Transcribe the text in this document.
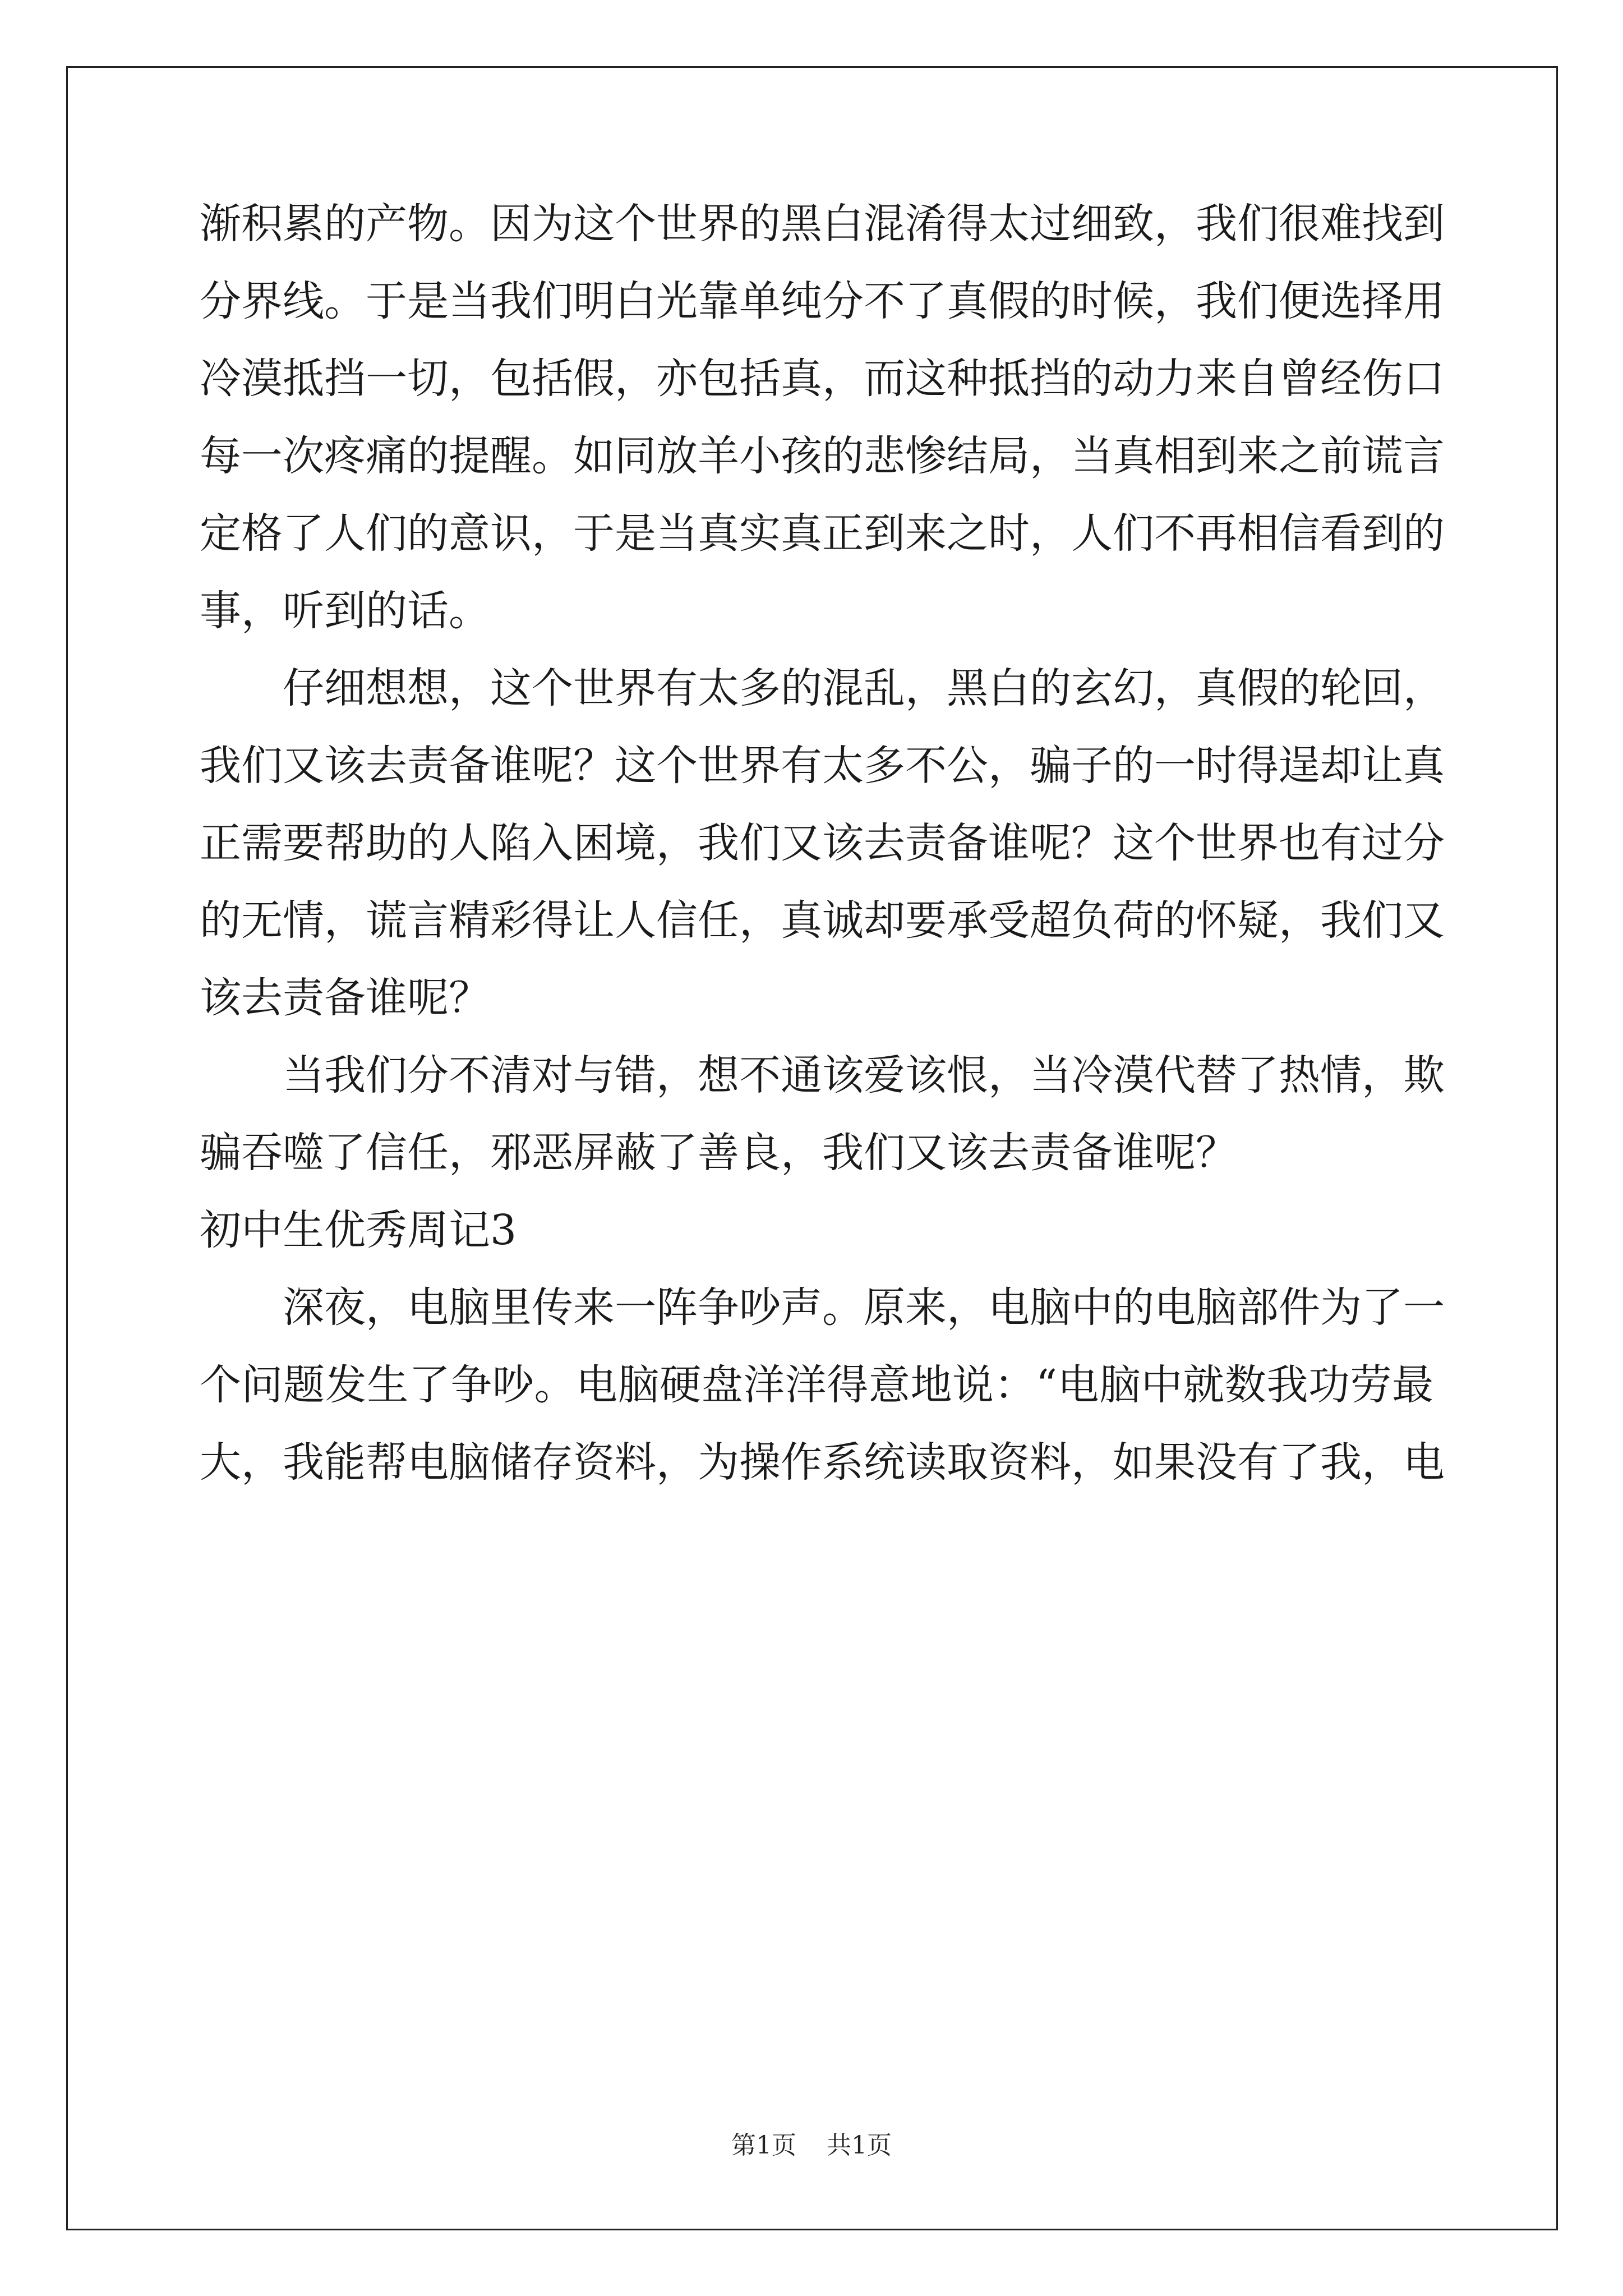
渐积累的产物。因为这个世界的黑白混淆得太过细致，我们很难找到
分界线。于是当我们明白光靠单纯分不了真假的时候，我们便选择用
冷漠抵挡一切，包括假，亦包括真，而这种抵挡的动力来自曾经伤口
每一次疼痛的提醒。如同放羊小孩的悲惨结局，当真相到来之前谎言
定格了人们的意识，于是当真实真正到来之时，人们不再相信看到的
事，听到的话。
仔细想想，这个世界有太多的混乱，黑白的玄幻，真假的轮回，
我们又该去责备谁呢？这个世界有太多不公，骗子的一时得逞却让真
正需要帮助的人陷入困境，我们又该去责备谁呢？这个世界也有过分
的无情，谎言精彩得让人信任，真诚却要承受超负荷的怀疑，我们又
该去责备谁呢？
当我们分不清对与错，想不通该爱该恨，当冷漠代替了热情，欺
骗吞噬了信任，邪恶屏蔽了善良，我们又该去责备谁呢？
初中生优秀周记3
深夜，电脑里传来一阵争吵声。原来，电脑中的电脑部件为了一
个问题发生了争吵。电脑硬盘洋洋得意地说：“电脑中就数我功劳最
大，我能帮电脑储存资料，为操作系统读取资料，如果没有了我，电
第1页 共1页
